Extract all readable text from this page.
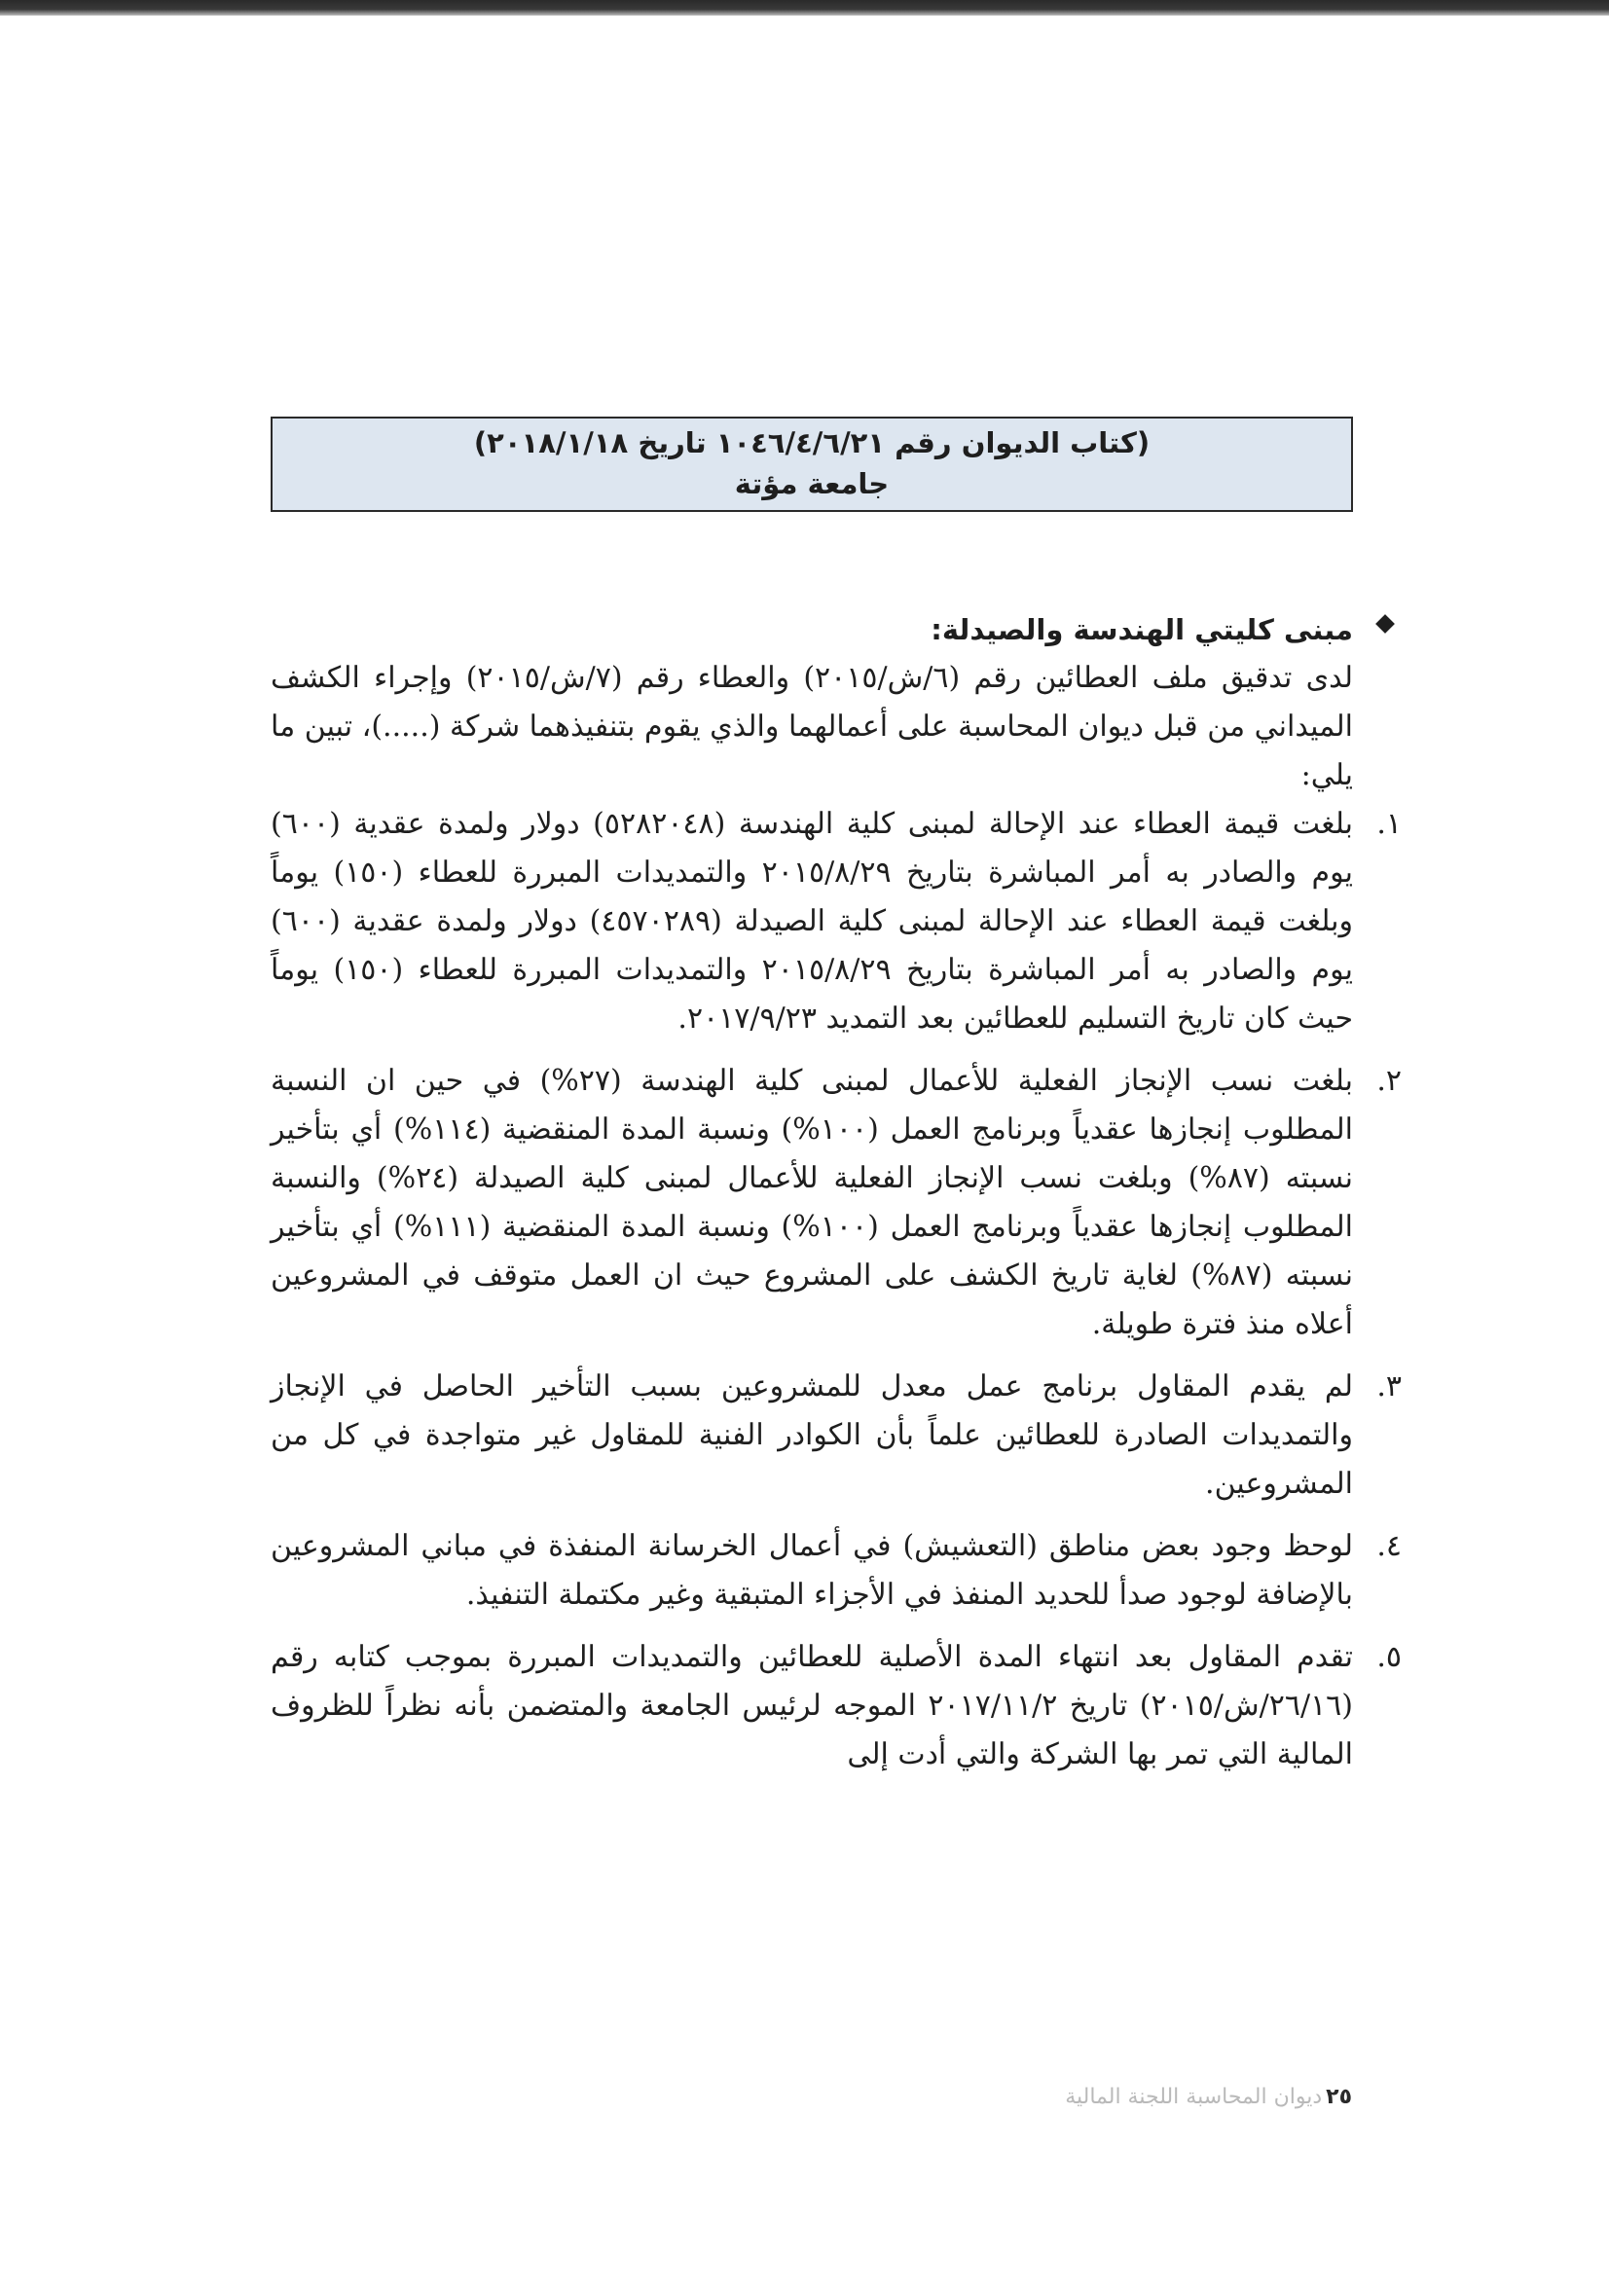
(كتاب الديوان رقم ١٠٤٦/٤/٦/٢١ تاريخ ٢٠١٨/١/١٨)
جامعة مؤتة
مبنى كليتي الهندسة والصيدلة:
لدى تدقيق ملف العطائين رقم (٦/ش/٢٠١٥) والعطاء رقم (٧/ش/٢٠١٥) وإجراء الكشف الميداني من قبل ديوان المحاسبة على أعمالهما والذي يقوم بتنفيذهما شركة (.....)، تبين ما يلي:
١.
بلغت قيمة العطاء عند الإحالة لمبنى كلية الهندسة (٥٢٨٢٠٤٨) دولار ولمدة عقدية (٦٠٠) يوم والصادر به أمر المباشرة بتاريخ ٢٠١٥/٨/٢٩ والتمديدات المبررة للعطاء (١٥٠) يوماً وبلغت قيمة العطاء عند الإحالة لمبنى كلية الصيدلة (٤٥٧٠٢٨٩) دولار ولمدة عقدية (٦٠٠) يوم والصادر به أمر المباشرة بتاريخ ٢٠١٥/٨/٢٩ والتمديدات المبررة للعطاء (١٥٠) يوماً حيث كان تاريخ التسليم للعطائين بعد التمديد ٢٠١٧/٩/٢٣.
٢.
بلغت نسب الإنجاز الفعلية للأعمال لمبنى كلية الهندسة (٢٧%) في حين ان النسبة المطلوب إنجازها عقدياً وبرنامج العمل (١٠٠%) ونسبة المدة المنقضية (١١٤%) أي بتأخير نسبته (٨٧%) وبلغت نسب الإنجاز الفعلية للأعمال لمبنى كلية الصيدلة (٢٤%) والنسبة المطلوب إنجازها عقدياً وبرنامج العمل (١٠٠%) ونسبة المدة المنقضية (١١١%) أي بتأخير نسبته (٨٧%) لغاية تاريخ الكشف على المشروع حيث ان العمل متوقف في المشروعين أعلاه منذ فترة طويلة.
٣.
لم يقدم المقاول برنامج عمل معدل للمشروعين بسبب التأخير الحاصل في الإنجاز والتمديدات الصادرة للعطائين علماً بأن الكوادر الفنية للمقاول غير متواجدة في كل من المشروعين.
٤.
لوحظ وجود بعض مناطق (التعشيش) في أعمال الخرسانة المنفذة في مباني المشروعين بالإضافة لوجود صدأ للحديد المنفذ في الأجزاء المتبقية وغير مكتملة التنفيذ.
٥.
تقدم المقاول بعد انتهاء المدة الأصلية للعطائين والتمديدات المبررة بموجب كتابه رقم (٢٦/١٦/ش/٢٠١٥) تاريخ ٢٠١٧/١١/٢ الموجه لرئيس الجامعة والمتضمن بأنه نظراً للظروف المالية التي تمر بها الشركة والتي أدت إلى
٢٥ديوان المحاسبة اللجنة المالية
